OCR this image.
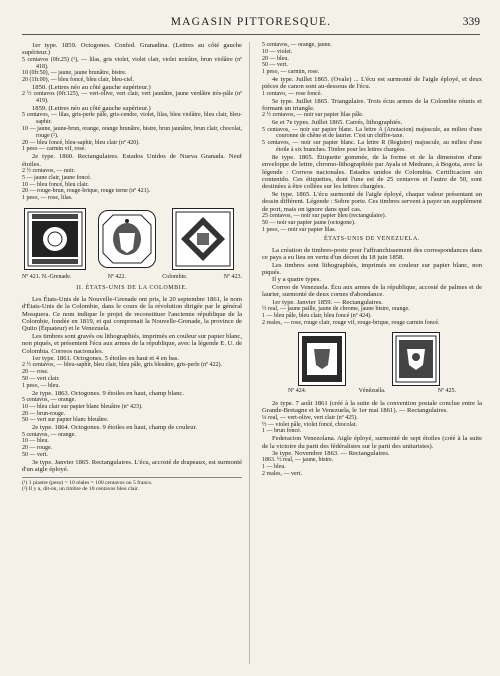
MAGASIN PITTORESQUE.	339

1er type. 1859. Octogones. Confed. Granadina. (Lettres au côté gauche supérieur.)

5 centavos (0fr.25) (¹), — lilas, gris violet, violet clair, violet noirâtre, brun violâtre (nº 418).

10 (0fr.50), — jaune, jaune brunâtre, bistre.

20 (1fr.00), — bleu foncé, bleu clair, bleu-ciel.

1850. (Lettres néo au côté gauche supérieur.)

2 ½ centavos (0fr.125), — vert-olive, vert clair, vert jaunâtre, jaune verdâtre très-pâle (nº 419).

1859. (Lettres néo au côté gauche supérieur.)

5 centavos, — lilas, gris-perle pâle, gris-cendre, violet, lilas, bleu violâtre, bleu clair, bleu-saphir.

10 — jaune, jaune-brun, orange, orange brunâtre, bistre, brun jaunâtre, brun clair, chocolat, rouge (²).

20 — bleu foncé, bleu-saphir, bleu clair (nº 420).

1 peso — carmin vif, rose.

2e type. 1860. Rectangulaires. Estados Unidos de Nueva Granada. Neuf étoiles.

2 ½ centavos, — noir.

5 — jaune clair, jaune foncé.

10 — bleu foncé, bleu clair.

20 — rouge-brun, rouge-brique, rouge terne (nº 421).

1 peso, — rose, lilas.

Nº 421. N.-Grenade.	Nº 422.	Colombie.	Nº 423.
II. ÉTATS-UNIS DE LA COLOMBIE.

Les États-Unis de la Nouvelle-Grenade ont pris, le 20 septembre 1861, le nom d'États-Unis de la Colombie, dans le cours de la révolution dirigée par le général Mosquera. Ce nom indique le projet de reconstituer l'ancienne république de la Colombie, fondée en 1819, et qui comprenait la Nouvelle-Grenade, la province de Quito (Équateur) et le Venezuela.

Les timbres sont gravés ou lithographiés, imprimés en couleur sur papier blanc, non piqués, et présentent l'écu aux armes de la république, avec la légende E. U. de Colombia. Correos nacionales.

1er type. 1861. Octogones. 5 étoiles en haut et 4 en bas.

2 ½ centavos, — bleu-saphir, bleu clair, bleu pâle, gris bleuâtre, gris-perle (nº 422).

20 — rose.

50 — vert clair.

1 peso, — bleu.

2e type. 1863. Octogones. 9 étoiles en haut, champ blanc.

5 centavos, — orange.

10 — bleu clair sur papier blanc bleuâtre (nº 423).

20 — brun-rouge.

50 — vert sur papier blanc bleuâtre.

2e type. 1864. Octogones. 9 étoiles en haut, champ de couleur.

5 centavos, — orange.

10 — bleu.

20 — rouge.

50 — vert.

3e type. Janvier 1865. Rectangulaires. L'écu, accosté de drapeaux, est surmonté d'un aigle éployé.

(¹) 1 piastre (peso) = 10 réales = 100 centavos ou 5 francs.
(²) Il y a, dit-on, un timbre de 10 centavos bleu clair.

5 centavos, — orange, jaune.

10 — violet.

20 — bleu.

50 — vert.

1 peso, — carmin, rose.

4e type. Juillet 1865. (Ovale) ... L'écu est surmonté de l'aigle éployé, et deux pièces de canon sont au-dessous de l'écu.

1 centavo, — rose foncé.

5e type. Juillet 1865. Triangulaire. Trois écus armes de la Colombie réunis et formant un triangle.

2 ½ centavos, — noir sur papier lilas pâle.

6e et 7e types. Juillet 1865. Carrés, lithographiés.

5 centavos, — noir sur papier blanc. La lettre A (Anotacion) majuscule, au milieu d'une couronne de chêne et de laurier. C'est un chiffre-taxe.

5 centavos, — noir sur papier blanc. La lettre R (Registro) majuscule, au milieu d'une étoile à six branches. Timbre pour les lettres chargées.

8e type. 1865. Étiquette gommée, de la forme et de la dimension d'une enveloppe de lettre, chromo-lithographiée par Ayala et Medrano, à Bogota, avec la légende : Correos nacionales. Estados unidos de Colombia. Certificacion sin contenido. Ces étiquettes, dont l'une est de 25 centavos et l'autre de 50, sont destinées à être collées sur les lettres chargées.

9e type. 1865. L'écu surmonté de l'aigle éployé, chaque valeur présentant un dessin différent. Légende : Sobre porte. Ces timbres servent à payer un supplément de port, mais on ignore dans quel cas.

25 centavos, — noir sur papier bleu (rectangulaire).

50 — noir sur papier jaune (octogone).

1 peso, — noir sur papier lilas.

ÉTATS-UNIS DE VENEZUELA.

La création de timbres-poste pour l'affranchissement des correspondances dans ce pays a eu lieu en vertu d'un décret du 18 juin 1858.

Les timbres sont lithographiés, imprimés en couleur sur papier blanc, non piqués.

Il y a quatre types.

Correo de Venezuela. Écu aux armes de la république, accosté de palmes et de laurier, surmonté de deux cornes d'abondance.

1er type. Janvier 1859. — Rectangulaires.

½ real, — jaune paille, jaune de chrome, jaune bistre, orange.

1 — bleu pâle, bleu clair, bleu foncé (nº 424).

2 reales, — rose, rouge clair, rouge vif, rouge-brique, rouge carmin foncé.

Nº 424.	Vénézuéla.	Nº 425.

2e type. 7 août 1861 (créé à la suite de la convention postale conclue entre la Grande-Bretagne et le Venezuela, le 1er mai 1861). — Rectangulaires.

¼ real, — vert-olive, vert clair (nº 425).

½ — violet pâle, violet foncé, chocolat.

1 — brun foncé.

Federacion Venezolana. Aigle éployé, surmonté de sept étoiles (créé à la suite de la victoire du parti des fédéralistes sur le parti des unitaristes).

3e type. Novembre 1863. — Rectangulaires.

1863. ½ real, — jaune, bistre.

1 — bleu.

2 reales, — vert.
